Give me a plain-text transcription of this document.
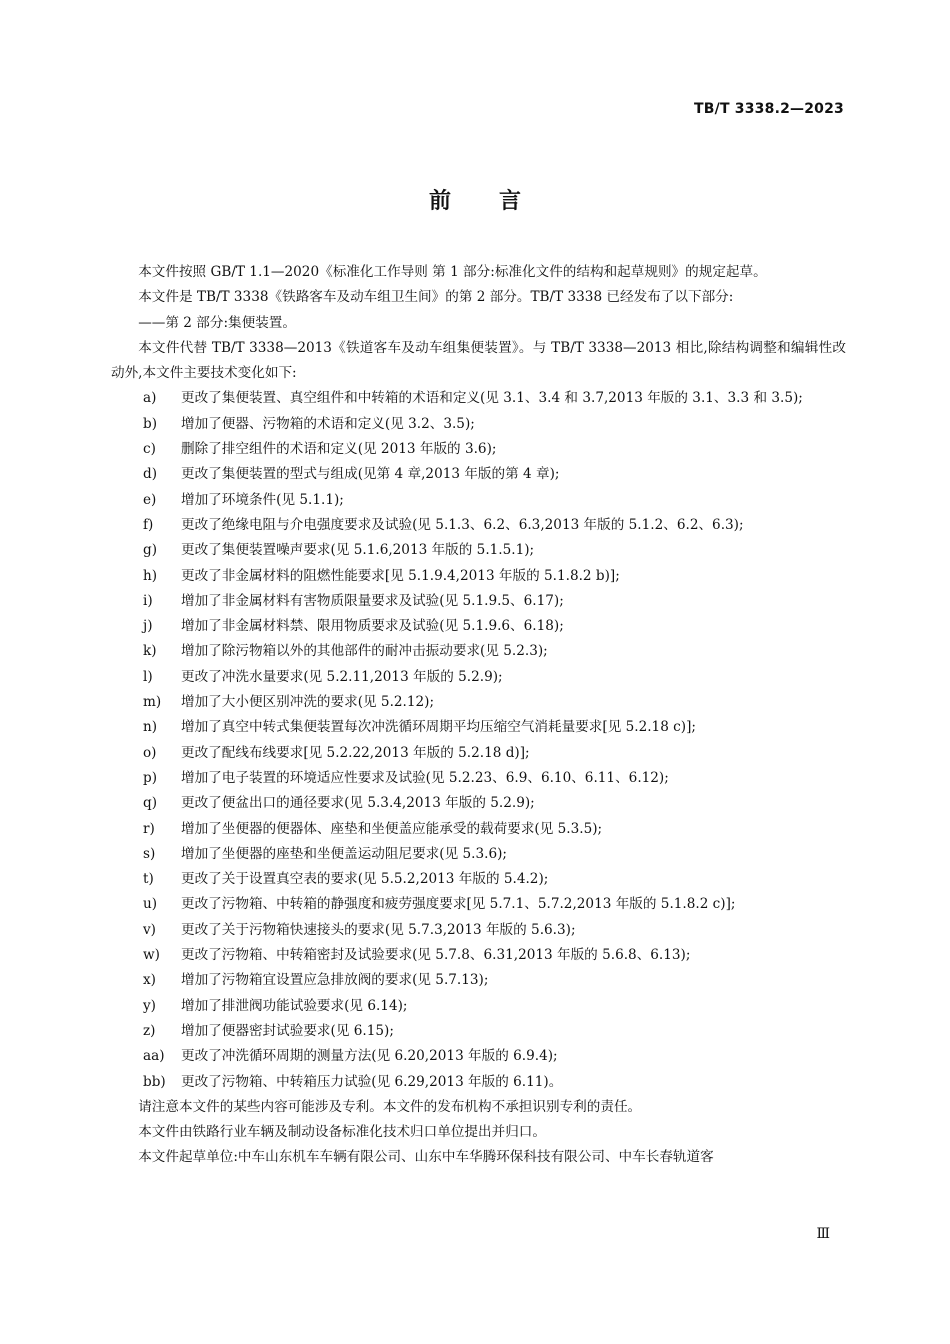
TB/T 3338.2—2023
前言

本文件按照 GB/T 1.1—2020《标准化工作导则 第 1 部分:标准化文件的结构和起草规则》的规定起草。

本文件是 TB/T 3338《铁路客车及动车组卫生间》的第 2 部分。TB/T 3338 已经发布了以下部分:

——第 2 部分:集便装置。

本文件代替 TB/T 3338—2013《铁道客车及动车组集便装置》。与 TB/T 3338—2013 相比,除结构调整和编辑性改动外,本文件主要技术变化如下:

a)	更改了集便装置、真空组件和中转箱的术语和定义(见 3.1、3.4 和 3.7,2013 年版的 3.1、3.3 和 3.5);
b)	增加了便器、污物箱的术语和定义(见 3.2、3.5);
c)	删除了排空组件的术语和定义(见 2013 年版的 3.6);
d)	更改了集便装置的型式与组成(见第 4 章,2013 年版的第 4 章);
e)	增加了环境条件(见 5.1.1);
f)	更改了绝缘电阻与介电强度要求及试验(见 5.1.3、6.2、6.3,2013 年版的 5.1.2、6.2、6.3);
g)	更改了集便装置噪声要求(见 5.1.6,2013 年版的 5.1.5.1);
h)	更改了非金属材料的阻燃性能要求[见 5.1.9.4,2013 年版的 5.1.8.2 b)];
i)	增加了非金属材料有害物质限量要求及试验(见 5.1.9.5、6.17);
j)	增加了非金属材料禁、限用物质要求及试验(见 5.1.9.6、6.18);
k)	增加了除污物箱以外的其他部件的耐冲击振动要求(见 5.2.3);
l)	更改了冲洗水量要求(见 5.2.11,2013 年版的 5.2.9);
m)	增加了大小便区别冲洗的要求(见 5.2.12);
n)	增加了真空中转式集便装置每次冲洗循环周期平均压缩空气消耗量要求[见 5.2.18 c)];
o)	更改了配线布线要求[见 5.2.22,2013 年版的 5.2.18 d)];
p)	增加了电子装置的环境适应性要求及试验(见 5.2.23、6.9、6.10、6.11、6.12);
q)	更改了便盆出口的通径要求(见 5.3.4,2013 年版的 5.2.9);
r)	增加了坐便器的便器体、座垫和坐便盖应能承受的载荷要求(见 5.3.5);
s)	增加了坐便器的座垫和坐便盖运动阻尼要求(见 5.3.6);
t)	更改了关于设置真空表的要求(见 5.5.2,2013 年版的 5.4.2);
u)	更改了污物箱、中转箱的静强度和疲劳强度要求[见 5.7.1、5.7.2,2013 年版的 5.1.8.2 c)];
v)	更改了关于污物箱快速接头的要求(见 5.7.3,2013 年版的 5.6.3);
w)	更改了污物箱、中转箱密封及试验要求(见 5.7.8、6.31,2013 年版的 5.6.8、6.13);
x)	增加了污物箱宜设置应急排放阀的要求(见 5.7.13);
y)	增加了排泄阀功能试验要求(见 6.14);
z)	增加了便器密封试验要求(见 6.15);
aa)	更改了冲洗循环周期的测量方法(见 6.20,2013 年版的 6.9.4);
bb)	更改了污物箱、中转箱压力试验(见 6.29,2013 年版的 6.11)。

请注意本文件的某些内容可能涉及专利。本文件的发布机构不承担识别专利的责任。

本文件由铁路行业车辆及制动设备标准化技术归口单位提出并归口。

本文件起草单位:中车山东机车车辆有限公司、山东中车华腾环保科技有限公司、中车长春轨道客

Ⅲ
